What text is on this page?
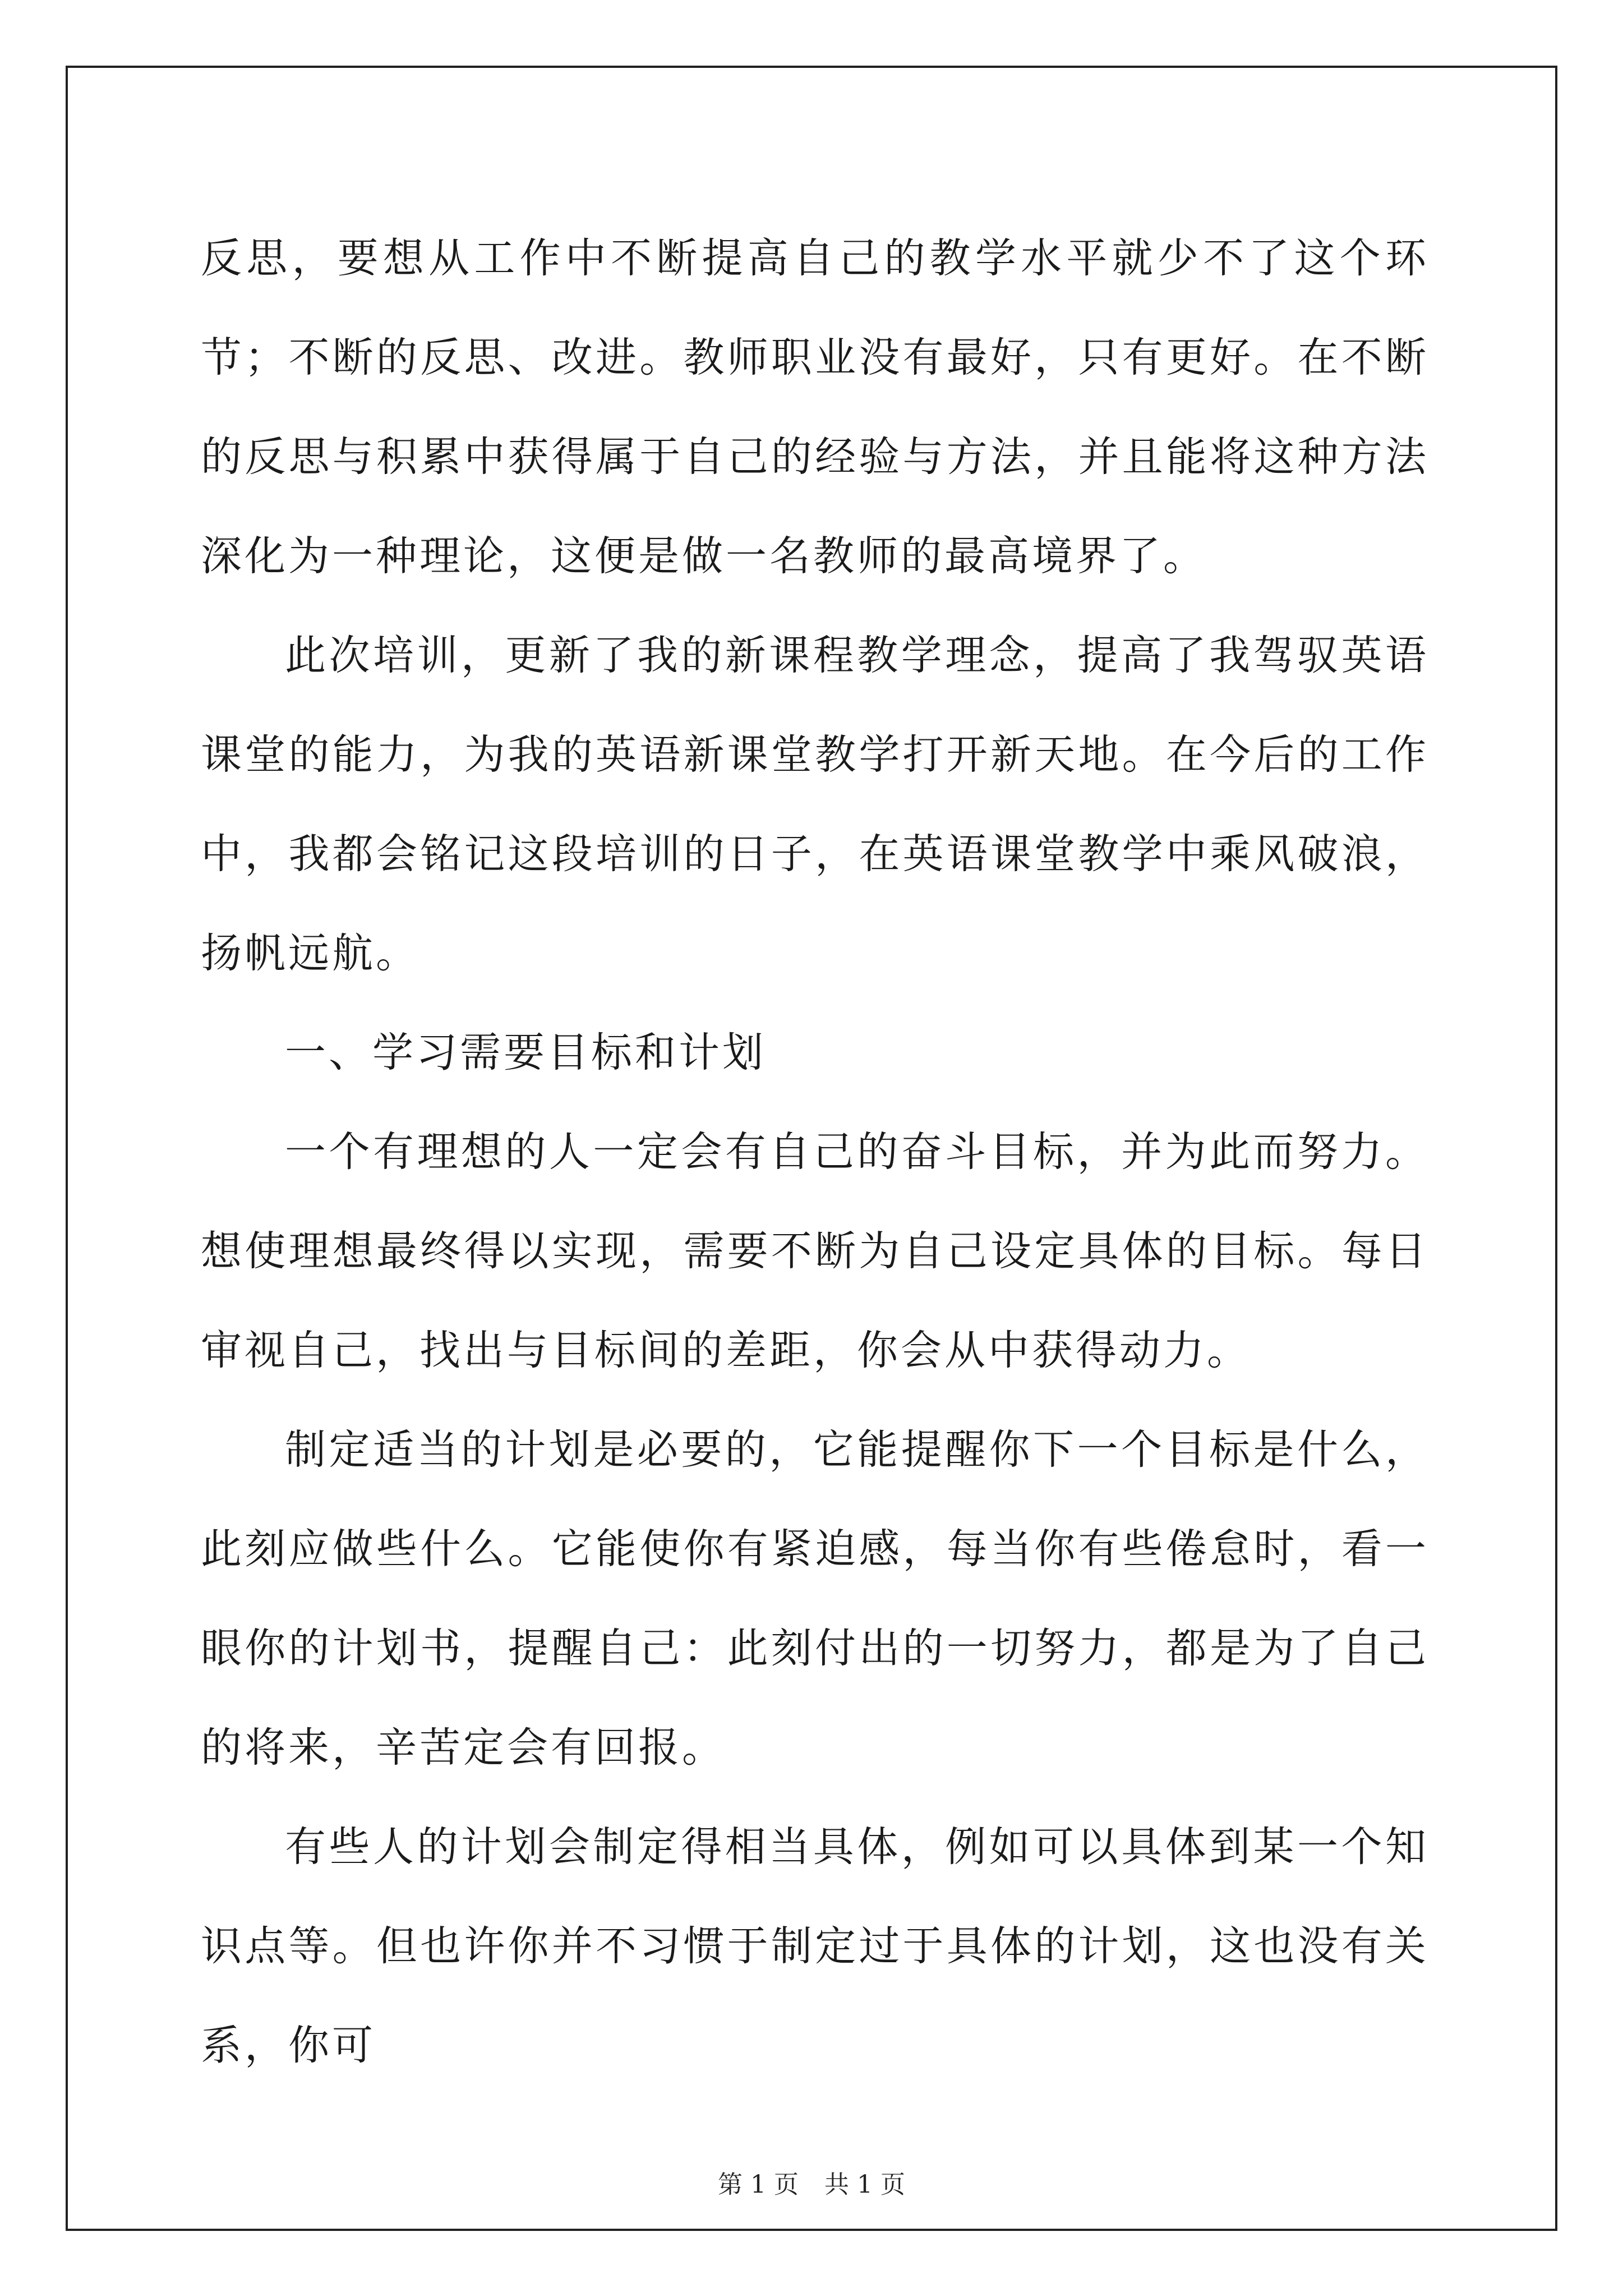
反思，要想从工作中不断提高自己的教学水平就少不了这个环节；不断的反思、改进。教师职业没有最好，只有更好。在不断的反思与积累中获得属于自己的经验与方法，并且能将这种方法深化为一种理论，这便是做一名教师的最高境界了。

此次培训，更新了我的新课程教学理念，提高了我驾驭英语课堂的能力，为我的英语新课堂教学打开新天地。在今后的工作中，我都会铭记这段培训的日子，在英语课堂教学中乘风破浪，扬帆远航。

一、学习需要目标和计划

一个有理想的人一定会有自己的奋斗目标，并为此而努力。想使理想最终得以实现，需要不断为自己设定具体的目标。每日审视自己，找出与目标间的差距，你会从中获得动力。

制定适当的计划是必要的，它能提醒你下一个目标是什么，此刻应做些什么。它能使你有紧迫感，每当你有些倦怠时，看一眼你的计划书，提醒自己：此刻付出的一切努力，都是为了自己的将来，辛苦定会有回报。

有些人的计划会制定得相当具体，例如可以具体到某一个知识点等。但也许你并不习惯于制定过于具体的计划，这也没有关系，你可

第 1 页 共 1 页
